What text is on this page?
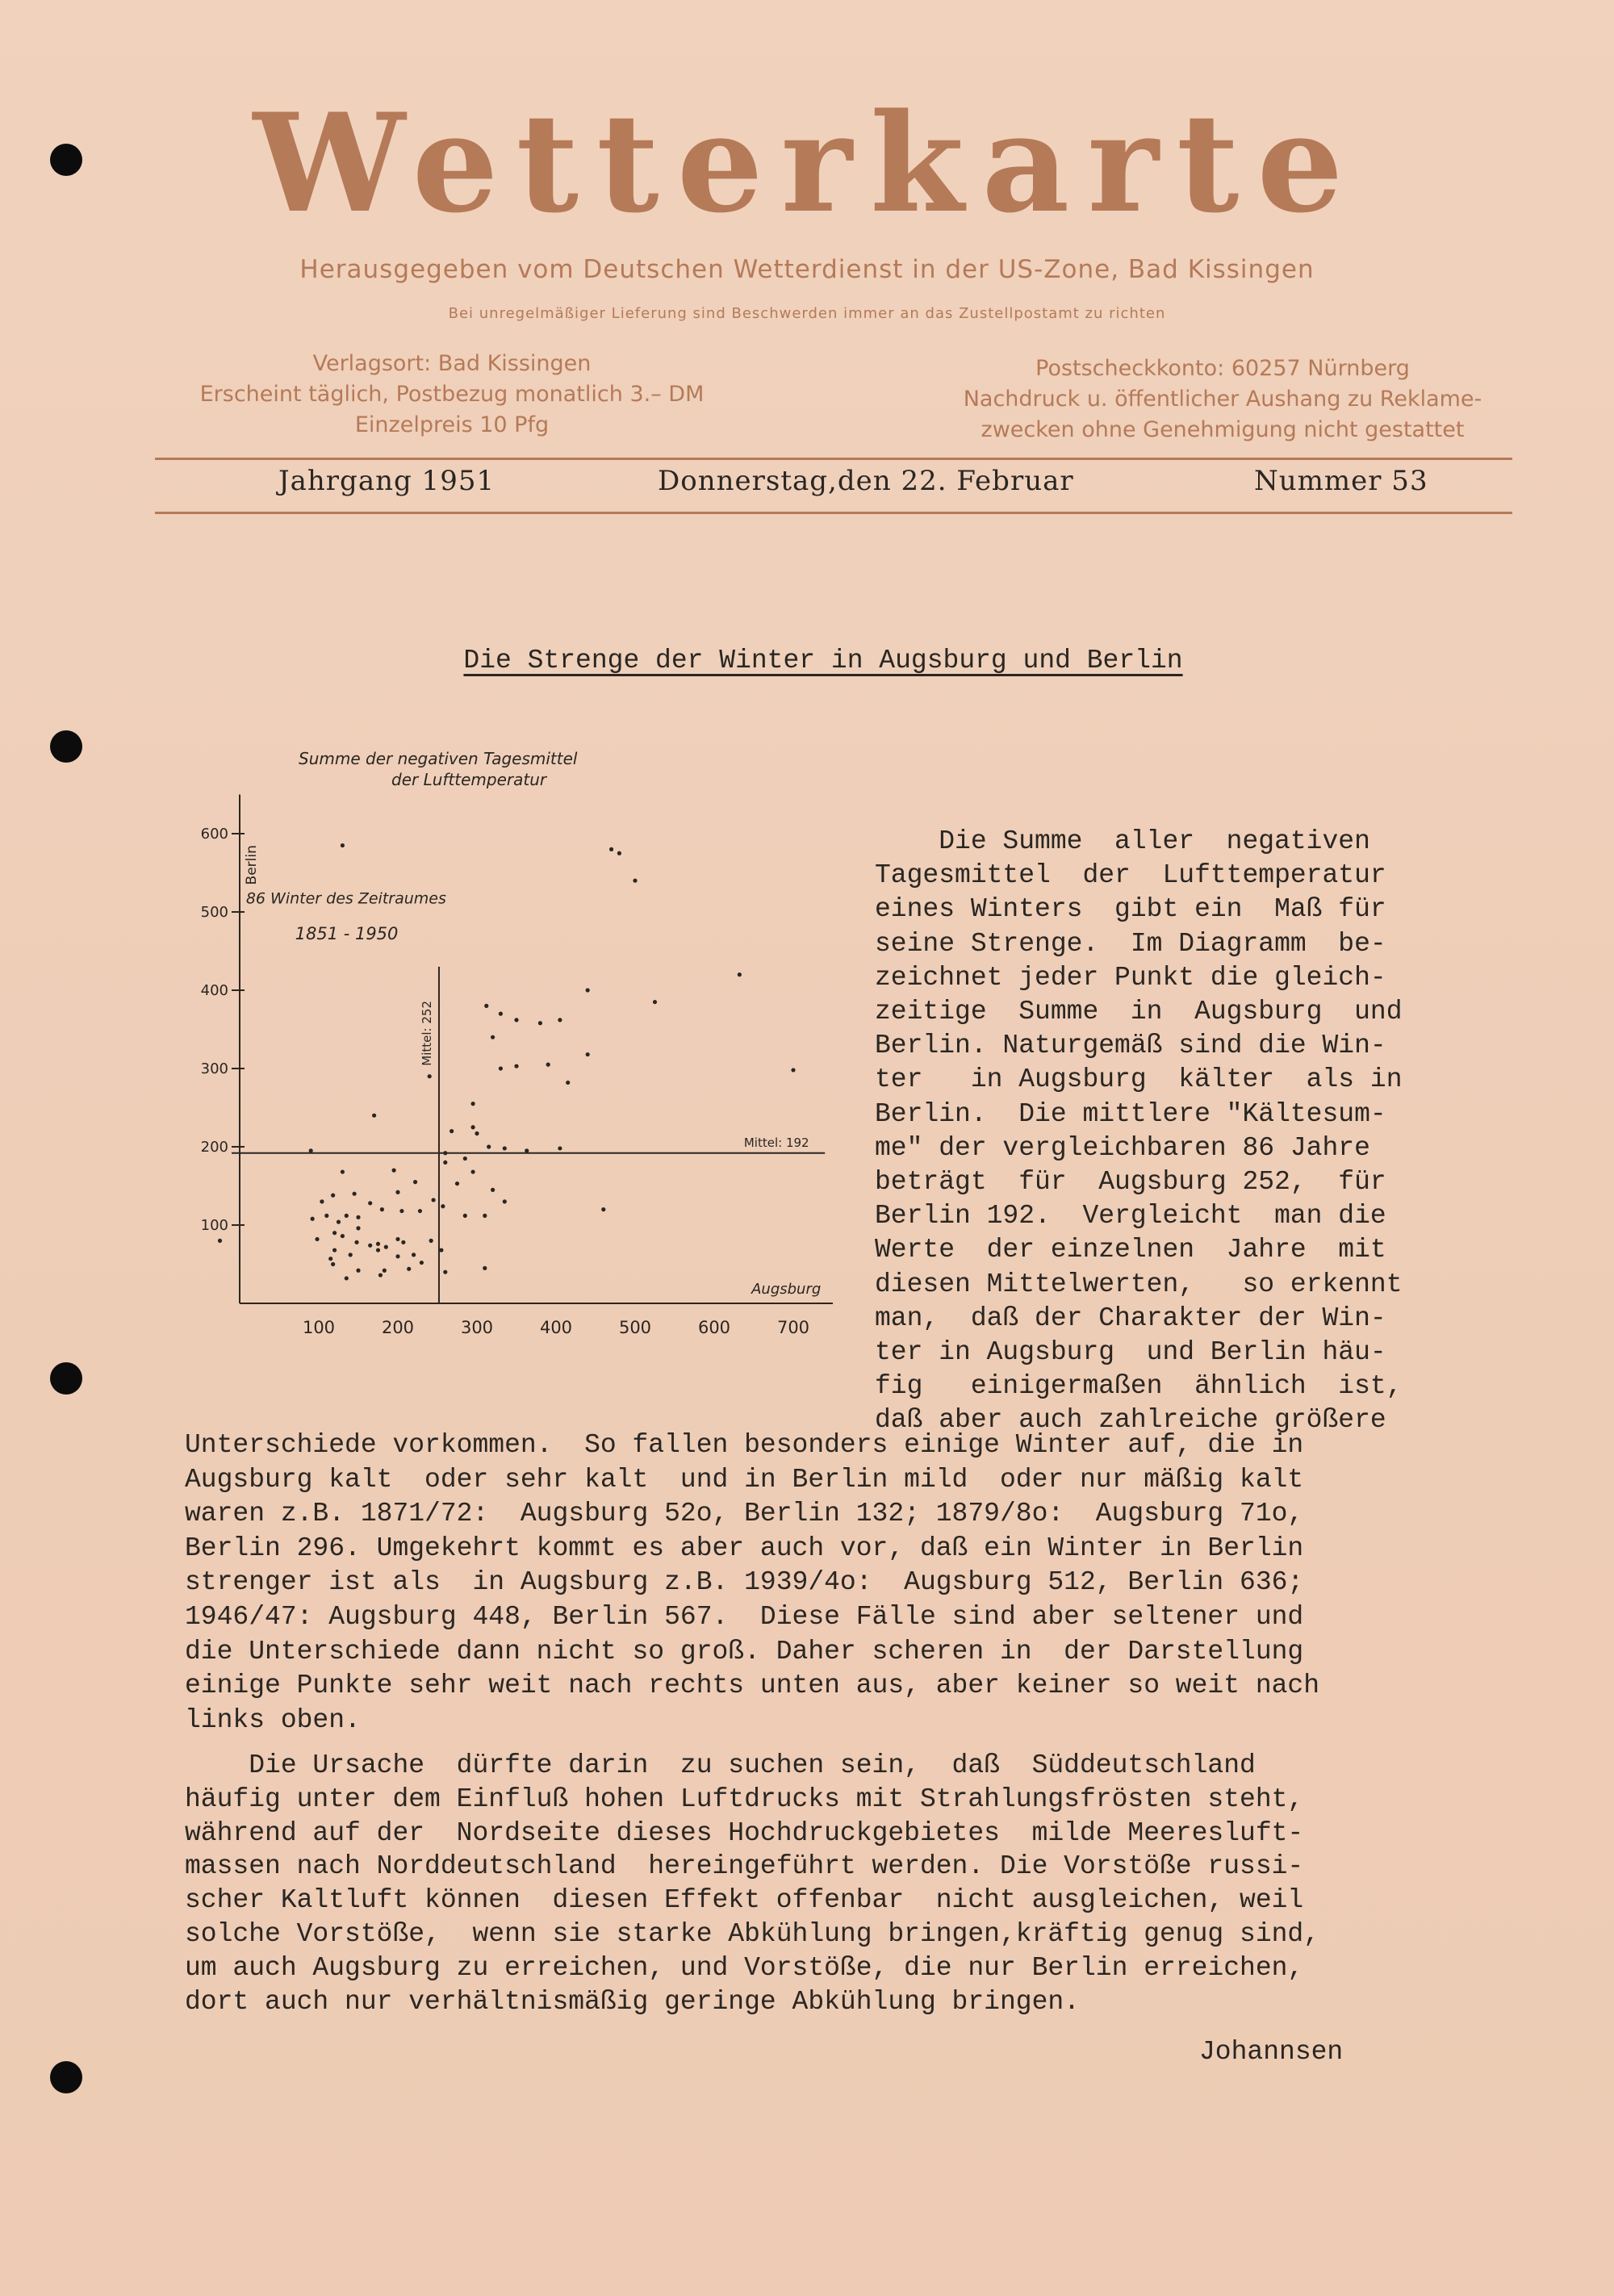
Wetterkarte
Herausgegeben vom Deutschen Wetterdienst in der US-Zone, Bad Kissingen
Bei unregelmäßiger Lieferung sind Beschwerden immer an das Zustellpostamt zu richten
Verlagsort: Bad Kissingen
Erscheint täglich, Postbezug monatlich 3.– DM
Einzelpreis 10 Pfg
Postscheckkonto: 60257 Nürnberg
Nachdruck u. öffentlicher Aushang zu Reklame-
zwecken ohne Genehmigung nicht gestattet
Jahrgang 1951	Donnerstag,den 22. Februar	Nummer 53
Die Strenge der Winter in Augsburg und Berlin
100
200
300
400
500
600
100	200	300	400	500	600	700
Mittel: 252
Mittel: 192
Summe der negativen Tagesmittel
der Lufttemperatur
86 Winter des Zeitraumes
1851 - 1950
Berlin
Augsburg
Die Summe  aller  negativen
Tagesmittel  der  Lufttemperatur
eines Winters  gibt ein  Maß für
seine Strenge.  Im Diagramm  be-
zeichnet jeder Punkt die gleich-
zeitige  Summe  in  Augsburg  und
Berlin. Naturgemäß sind die Win-
ter   in Augsburg  kälter  als in
Berlin.  Die mittlere "Kältesum-
me" der vergleichbaren 86 Jahre
beträgt  für  Augsburg 252,  für
Berlin 192.  Vergleicht  man die
Werte  der einzelnen  Jahre  mit
diesen Mittelwerten,   so erkennt
man,  daß der Charakter der Win-
ter in Augsburg  und Berlin häu-
fig   einigermaßen  ähnlich  ist,
daß aber auch zahlreiche größere
Unterschiede vorkommen.  So fallen besonders einige Winter auf, die in
Augsburg kalt  oder sehr kalt  und in Berlin mild  oder nur mäßig kalt
waren z.B. 1871/72:  Augsburg 52o, Berlin 132; 1879/8o:  Augsburg 71o,
Berlin 296. Umgekehrt kommt es aber auch vor, daß ein Winter in Berlin
strenger ist als  in Augsburg z.B. 1939/4o:  Augsburg 512, Berlin 636;
1946/47: Augsburg 448, Berlin 567.  Diese Fälle sind aber seltener und
die Unterschiede dann nicht so groß. Daher scheren in  der Darstellung
einige Punkte sehr weit nach rechts unten aus, aber keiner so weit nach
links oben.
Die Ursache  dürfte darin  zu suchen sein,  daß  Süddeutschland
häufig unter dem Einfluß hohen Luftdrucks mit Strahlungsfrösten steht,
während auf der  Nordseite dieses Hochdruckgebietes  milde Meeresluft-
massen nach Norddeutschland  hereingeführt werden. Die Vorstöße russi-
scher Kaltluft können  diesen Effekt offenbar  nicht ausgleichen, weil
solche Vorstöße,  wenn sie starke Abkühlung bringen,kräftig genug sind,
um auch Augsburg zu erreichen, und Vorstöße, die nur Berlin erreichen,
dort auch nur verhältnismäßig geringe Abkühlung bringen.
Johannsen
